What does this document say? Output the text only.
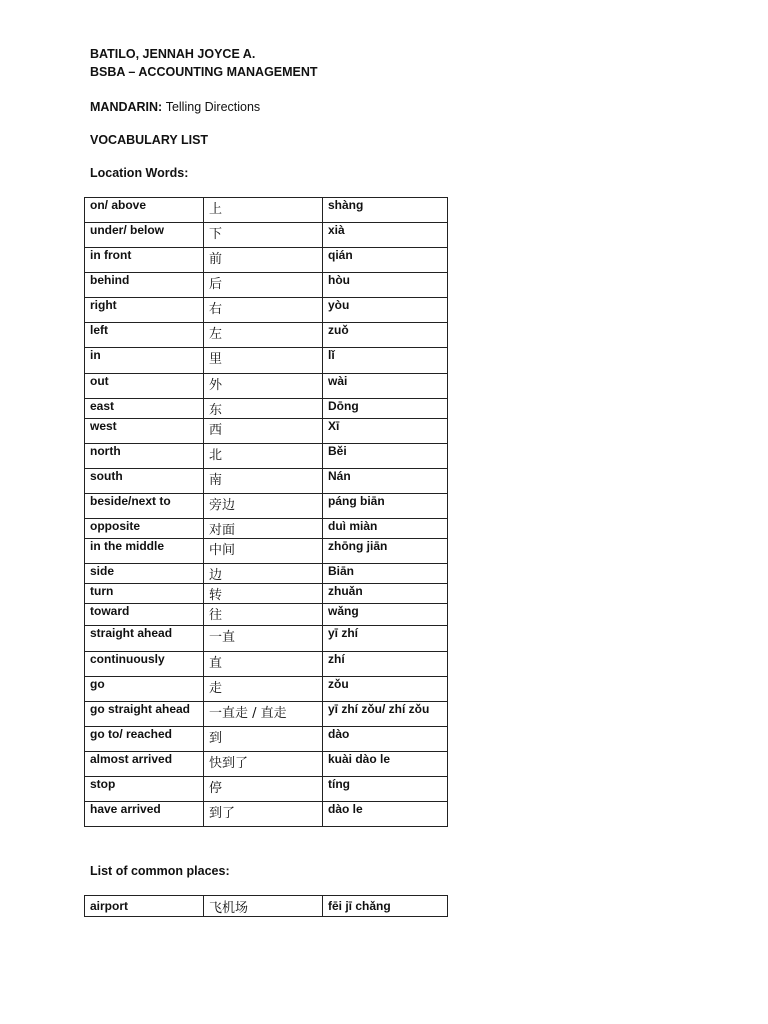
BATILO, JENNAH JOYCE A.
BSBA – ACCOUNTING MANAGEMENT
MANDARIN: Telling Directions
VOCABULARY LIST
Location Words:
on/ above	上	shàng
under/ below	下	xià
in front	前	qián
behind	后	hòu
right	右	yòu
left	左	zuǒ
in	里	lǐ
out	外	wài
east	东	Dōng
west	西	Xī
north	北	Běi
south	南	Nán
beside/next to	旁边	páng biān
opposite	对面	duì miàn
in the middle	中间	zhōng jiān
side	边	Biān
turn	转	zhuǎn
toward	往	wǎng
straight ahead	一直	yī zhí
continuously	直	zhí
go	走	zǒu
go straight ahead	一直走 / 直走	yī zhí zǒu/ zhí zǒu
go to/ reached	到	dào
almost arrived	快到了	kuài dào le
stop	停	tíng
have arrived	到了	dào le
List of common places:
airport	飞机场	fēi jī chǎng
